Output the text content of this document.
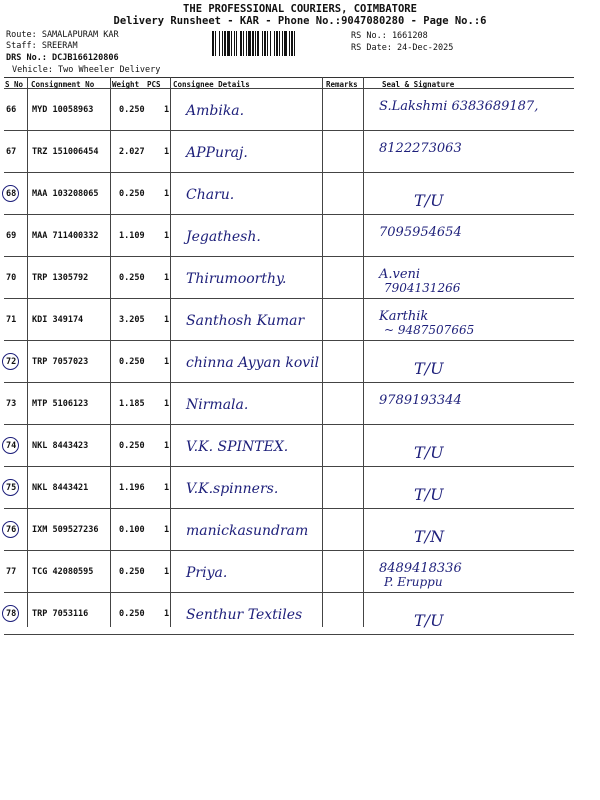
THE PROFESSIONAL COURIERS, COIMBATORE
Delivery Runsheet - KAR - Phone No.:9047080280 - Page No.:6
Route: SAMALAPURAM KAR
Staff: SREERAM
DRS No.: DCJB166120806
Vehicle: Two Wheeler Delivery
RS No.: 1661208
RS Date: 24-Dec-2025
S No Consignment No Weight PCS Consignee Details	Remarks	Seal & Signature
66 MYD 10058963	0.250 1 Ambika.	S.Lakshmi 6383689187,
67 TRZ 151006454 2.027 1 APPuraj.	8122273063
68 MAA 103208065 0.250 1 Charu.	T/U
69 MAA 711400332 1.109 1 Jegathesh.	7095954654
70 TRP 1305792	0.250 1 Thirumoorthy.	A.veni
7904131266
71 KDI 349174	3.205 1 Santhosh Kumar	Karthik
~ 9487507665
72 TRP 7057023	0.250 1 chinna Ayyan kovil	T/U
73 MTP 5106123	1.185 1 Nirmala.	9789193344
74 NKL 8443423	0.250 1 V.K. SPINTEX.	T/U
75 NKL 8443421	1.196 1 V.K.spinners.	T/U
76 IXM 509527236 0.100 1 manickasundram	T/N
77 TCG 42080595	0.250 1 Priya.	8489418336
P. Eruppu
78 TRP 7053116	0.250 1 Senthur Textiles	T/U
